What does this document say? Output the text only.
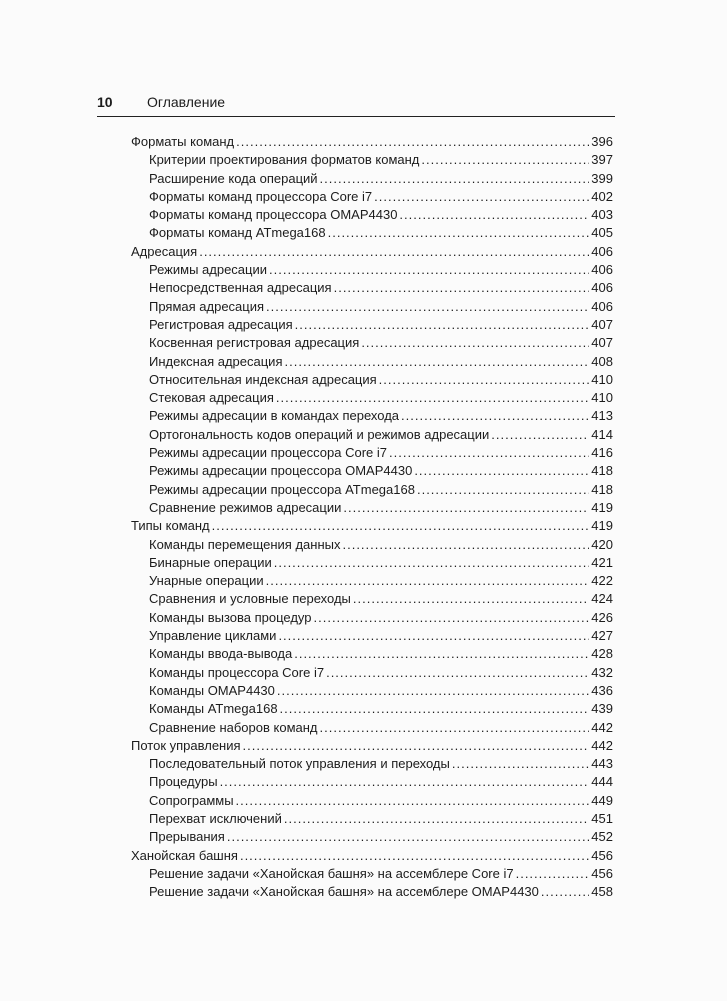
10 Оглавление
Форматы команд .....	396
Критерии проектирования форматов команд .....	397
Расширение кода операций .....	399
Форматы команд процессора Core i7 .....	402
Форматы команд процессора OMAP4430 .....	403
Форматы команд ATmega168 .....	405
Адресация .....	406
Режимы адресации .....	406
Непосредственная адресация .....	406
Прямая адресация .....	406
Регистровая адресация .....	407
Косвенная регистровая адресация .....	407
Индексная адресация .....	408
Относительная индексная адресация .....	410
Стековая адресация .....	410
Режимы адресации в командах перехода .....	413
Ортогональность кодов операций и режимов адресации .....	414
Режимы адресации процессора Core i7 .....	416
Режимы адресации процессора OMAP4430 .....	418
Режимы адресации процессора ATmega168 .....	418
Сравнение режимов адресации .....	419
Типы команд .....	419
Команды перемещения данных .....	420
Бинарные операции .....	421
Унарные операции .....	422
Сравнения и условные переходы .....	424
Команды вызова процедур .....	426
Управление циклами .....	427
Команды ввода-вывода .....	428
Команды процессора Core i7 .....	432
Команды OMAP4430 .....	436
Команды ATmega168 .....	439
Сравнение наборов команд .....	442
Поток управления .....	442
Последовательный поток управления и переходы .....	443
Процедуры .....	444
Сопрограммы .....	449
Перехват исключений .....	451
Прерывания .....	452
Ханойская башня .....	456
Решение задачи «Ханойская башня» на ассемблере Core i7 .....	456
Решение задачи «Ханойская башня» на ассемблере OMAP4430 .....	458
